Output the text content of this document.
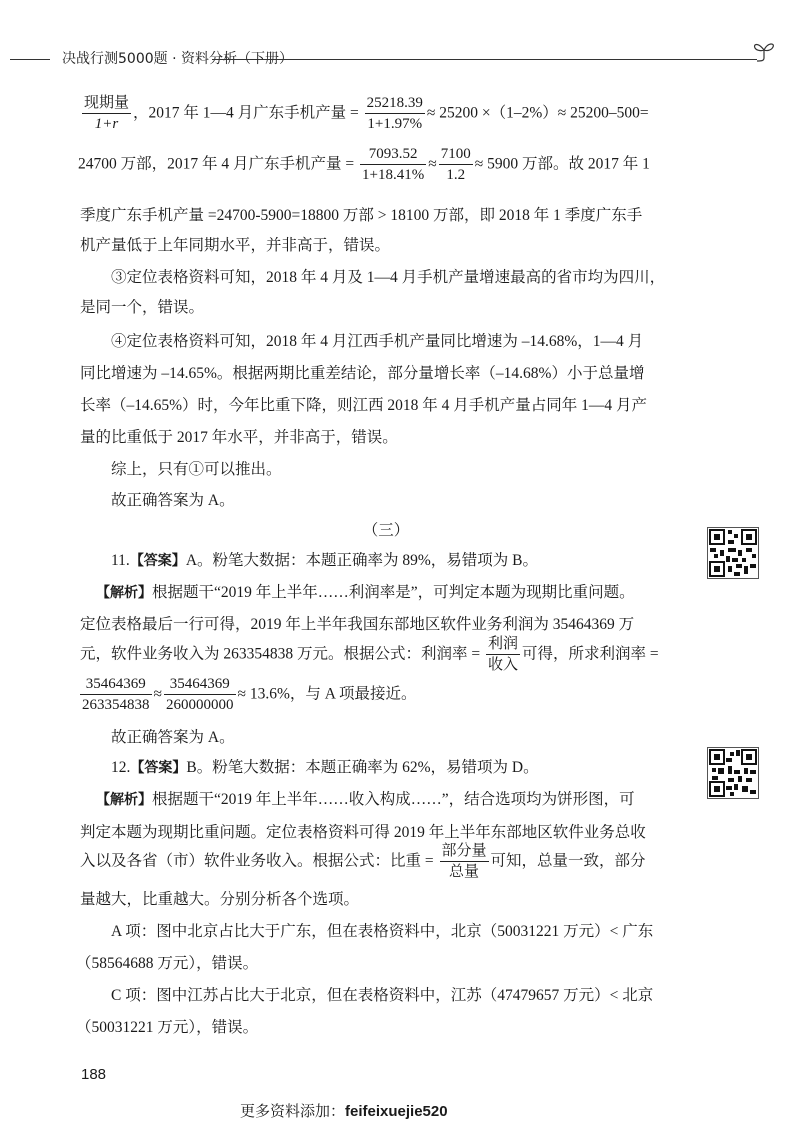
决战行测5000题 · 资料分析（下册）
$\frac{\text{现期量}}{1+r}$ ，2017 年 1—4 月广东手机产量 = $\frac{25218.39}{1+1.97\%} \approx 25200 \times(1-2\%)\approx 25200-500=$
24700 万部，2017 年 4 月广东手机产量 = $\frac{7093.52}{1+18.41\%} \approx \frac{7100}{1.2} \approx 5900$ 万部。故 2017 年 1
季度广东手机产量 =24700-5900=18800 万部 > 18100 万部，即 2018 年 1 季度广东手
机产量低于上年同期水平，并非高于，错误。
③定位表格资料可知，2018 年 4 月及 1—4 月手机产量增速最高的省市均为四川，
是同一个，错误。
④定位表格资料可知，2018 年 4 月江西手机产量同比增速为 –14.68%，1—4 月
同比增速为 –14.65%。根据两期比重差结论，部分量增长率（–14.68%）小于总量增
长率（–14.65%）时，今年比重下降，则江西 2018 年 4 月手机产量占同年 1—4 月产
量的比重低于 2017 年水平，并非高于，错误。
综上，只有①可以推出。
故正确答案为 A。
（三）
11.【答案】A。粉笔大数据：本题正确率为 89%，易错项为 B。
【解析】根据题干“2019 年上半年……利润率是”，可判定本题为现期比重问题。
定位表格最后一行可得，2019 年上半年我国东部地区软件业务利润为 35464369 万
元，软件业务收入为 263354838 万元。根据公式：利润率 = $\frac{\text{利润}}{\text{收入}}$ 可得，所求利润率 =
$\frac{35464369}{263354838} \approx \frac{35464369}{260000000} \approx 13.6\%$，与 A 项最接近。
故正确答案为 A。
12.【答案】B。粉笔大数据：本题正确率为 62%，易错项为 D。
【解析】根据题干“2019 年上半年……收入构成……”，结合选项均为饼形图，可
判定本题为现期比重问题。定位表格资料可得 2019 年上半年东部地区软件业务总收
入以及各省（市）软件业务收入。根据公式：比重 = $\frac{\text{部分量}}{\text{总量}}$ 可知，总量一致，部分
量越大，比重越大。分别分析各个选项。
A 项：图中北京占比大于广东，但在表格资料中，北京（50031221 万元）< 广东
（58564688 万元），错误。
C 项：图中江苏占比大于北京，但在表格资料中，江苏（47479657 万元）< 北京
（50031221 万元），错误。
188
更多资料添加：feifeixuejie520
